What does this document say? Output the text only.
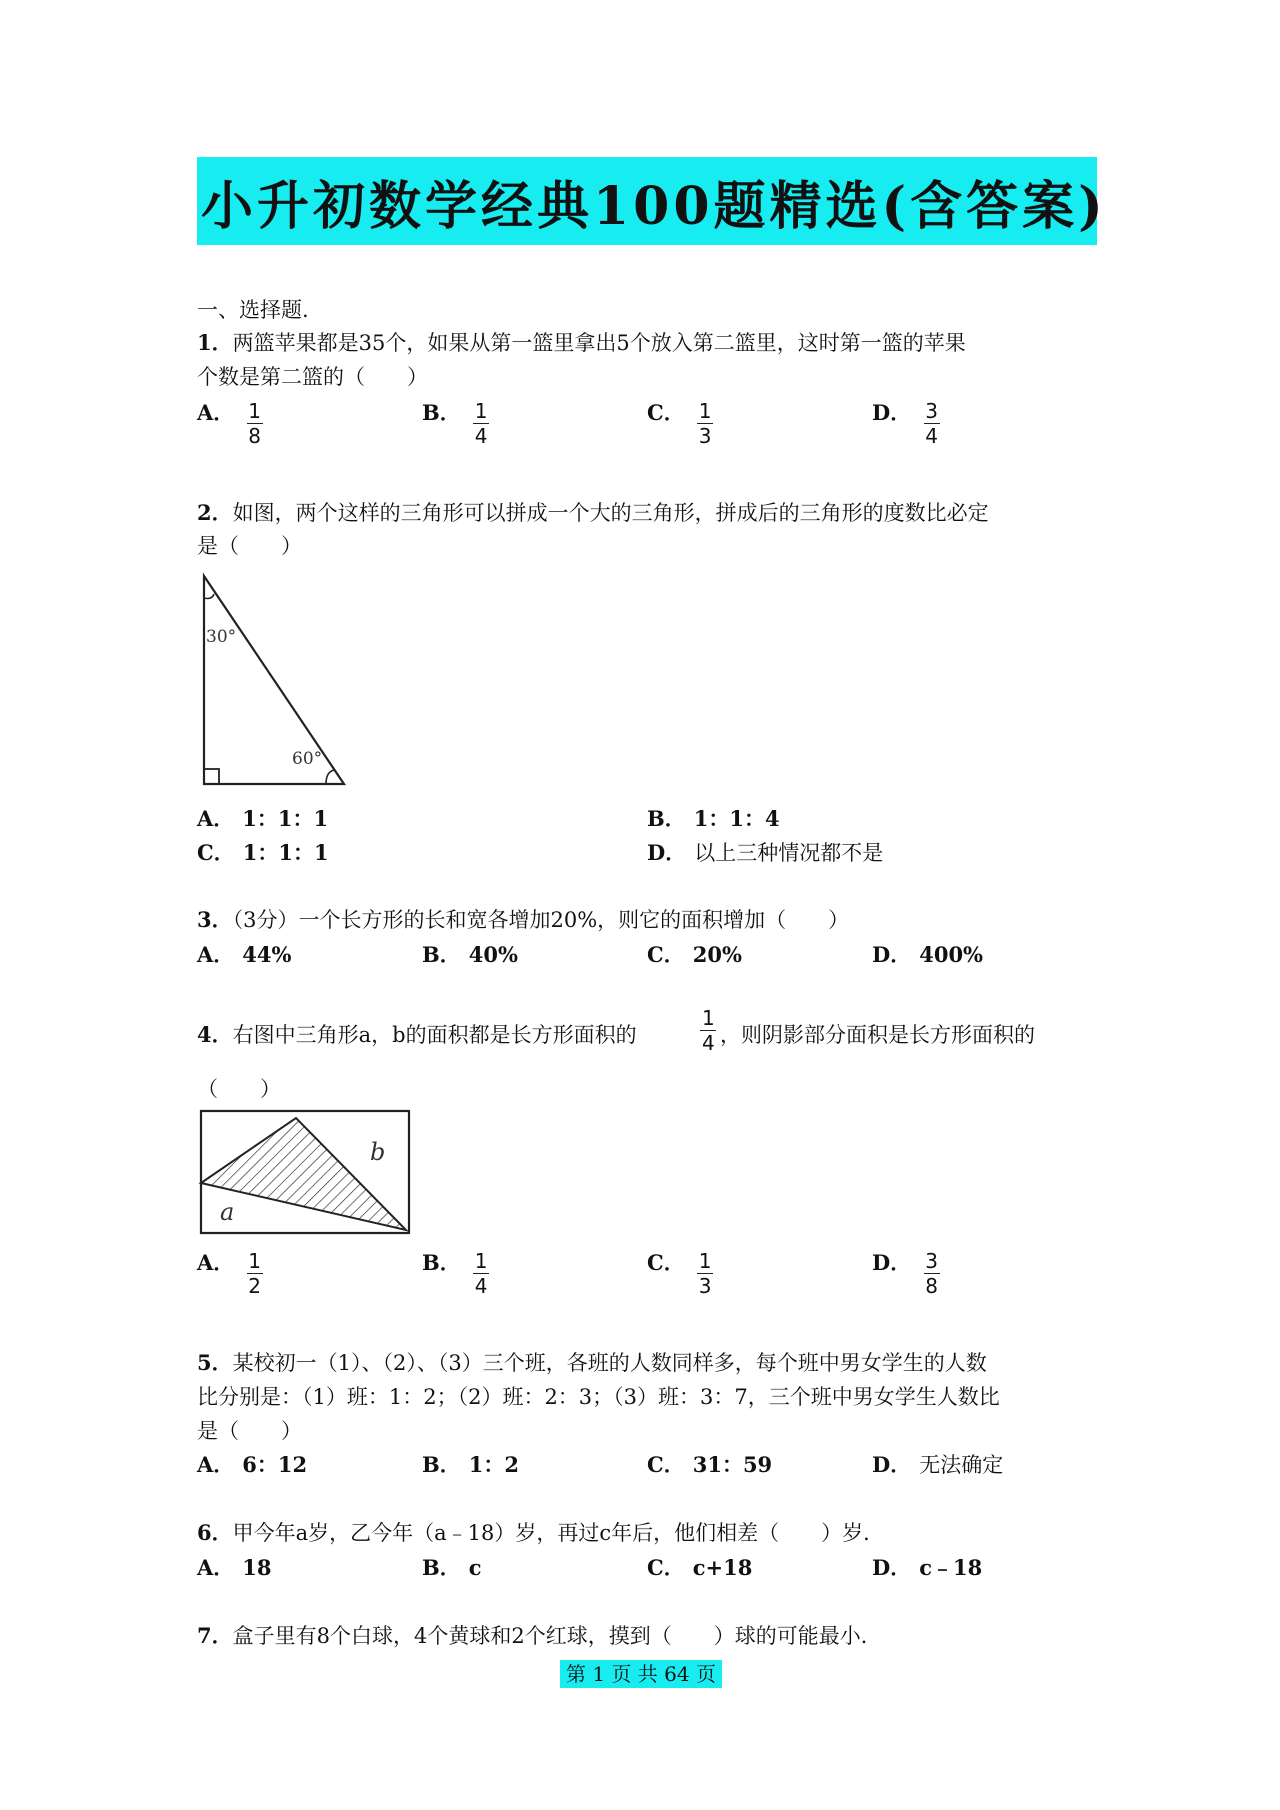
小升初数学经典100题精选(含答案)
一、选择题.
1．两篮苹果都是35个，如果从第一篮里拿出5个放入第二篮里，这时第一篮的苹果
个数是第二篮的（　　）
A． $\frac{1}{8}$	B． $\frac{1}{4}$	C． $\frac{1}{3}$	D． $\frac{3}{4}$
2．如图，两个这样的三角形可以拼成一个大的三角形，拼成后的三角形的度数比必定
是（　　）
30°
60°
A． 1：1：1	B． 1：1：4
C． 1：1：1	D． 以上三种情况都不是
3．（3分）一个长方形的长和宽各增加20%，则它的面积增加（　　）
A． 44%	B． 40%	C． 20%	D． 400%
4．右图中三角形a，b的面积都是长方形面积的
1
4 ，则阴影部分面积是长方形面积的
（　　）
b
a
A． $\frac{1}{2}$	B． $\frac{1}{4}$	C． $\frac{1}{3}$	D． $\frac{3}{8}$
5．某校初一（1）、（2）、（3）三个班，各班的人数同样多，每个班中男女学生的人数
比分别是：（1）班：1：2；（2）班：2：3；（3）班：3：7，三个班中男女学生人数比
是（　　）
A． 6：12	B． 1：2	C． 31：59	D． 无法确定
6．甲今年a岁，乙今年（a﹣18）岁，再过c年后，他们相差（　　）岁．
A． 18	B． c	C． c+18	D． c﹣18
7．盒子里有8个白球，4个黄球和2个红球，摸到（　　）球的可能最小．
第 1 页 共 64 页
